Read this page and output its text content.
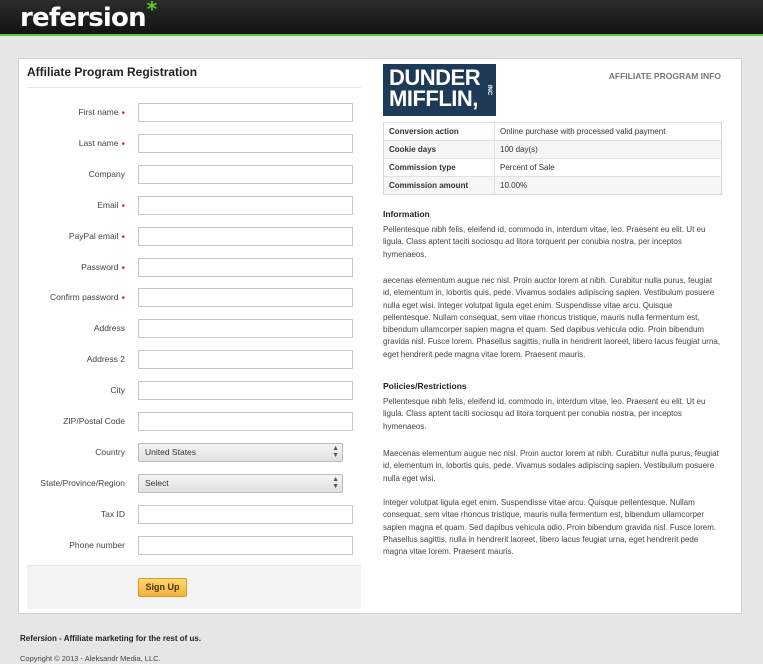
refersion*
Affiliate Program Registration
First name •
Last name •
Company
Email •
PayPal email •
Password •
Confirm password •
Address
Address 2
City
ZIP/Postal Code
Country	United States	▲
▼
State/Province/Region	Select	▲
▼
Tax ID
Phone number
Sign Up
DUNDER
MIFFLIN, INC
AFFILIATE PROGRAM INFO
Conversion action	Online purchase with processed valid payment
Cookie days	100 day(s)
Commission type	Percent of Sale
Commission amount	10.00%
Information
Pellentesque nibh felis, eleifend id, commodo in, interdum vitae, leo. Praesent eu elit. Ut eu ligula. Class aptent taciti sociosqu ad litora torquent per conubia nostra, per inceptos hymenaeos.
aecenas elementum augue nec nisl. Proin auctor lorem at nibh. Curabitur nulla purus, feugiat id, elementum in, lobortis quis, pede. Vivamus sodales adipiscing sapien. Vestibulum posuere nulla eget wisi. Integer volutpat ligula eget enim. Suspendisse vitae arcu. Quisque pellentesque. Nullam consequat, sem vitae rhoncus tristique, mauris nulla fermentum est, bibendum ullamcorper sapien magna et quam. Sed dapibus vehicula odio. Proin bibendum gravida nisl. Fusce lorem. Phasellus sagittis, nulla in hendrerit laoreet, libero lacus feugiat urna, eget hendrerit pede magna vitae lorem. Praesent mauris.
Policies/Restrictions
Pellentesque nibh felis, eleifend id, commodo in, interdum vitae, leo. Praesent eu elit. Ut eu ligula. Class aptent taciti sociosqu ad litora torquent per conubia nostra, per inceptos hymenaeos.
Maecenas elementum augue nec nisl. Proin auctor lorem at nibh. Curabitur nulla purus, feugiat id, elementum in, lobortis quis, pede. Vivamus sodales adipiscing sapien. Vestibulum posuere nulla eget wisi.
Integer volutpat ligula eget enim. Suspendisse vitae arcu. Quisque pellentesque. Nullam consequat, sem vitae rhoncus tristique, mauris nulla fermentum est, bibendum ullamcorper sapien magna et quam. Sed dapibus vehicula odio. Proin bibendum gravida nisl. Fusce lorem. Phasellus sagittis, nulla in hendrerit laoreet, libero lacus feugiat urna, eget hendrerit pede magna vitae lorem. Praesent mauris.
Refersion - Affiliate marketing for the rest of us.
Copyright © 2013 - Aleksandr Media, LLC.
